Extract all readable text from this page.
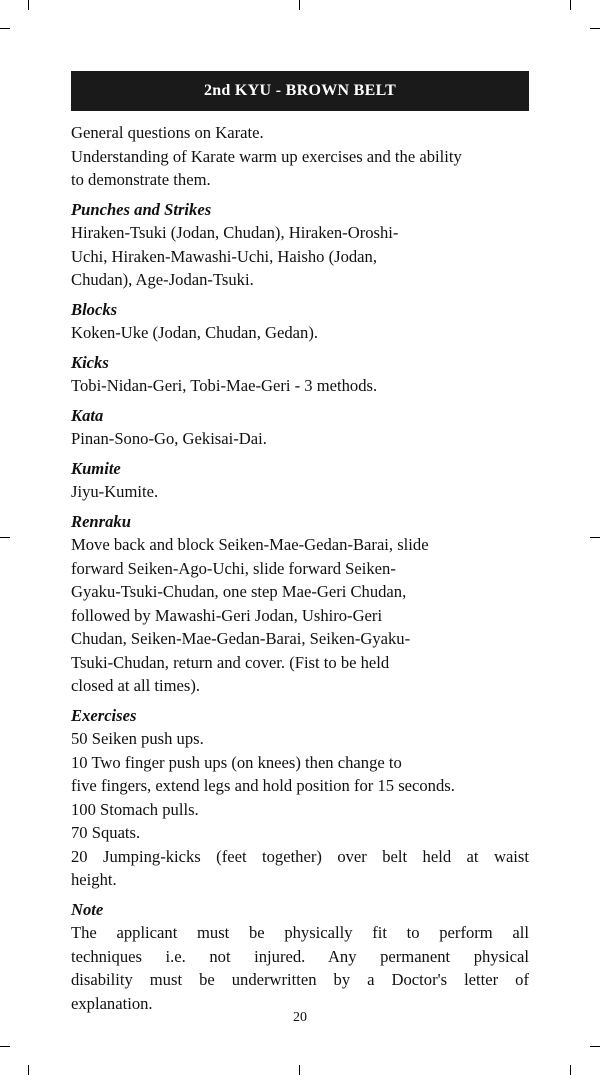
2nd KYU - BROWN BELT
General questions on Karate.
Understanding of Karate warm up exercises and the ability
to demonstrate them.
Punches and Strikes
Hiraken-Tsuki (Jodan, Chudan), Hiraken-Oroshi-
Uchi, Hiraken-Mawashi-Uchi, Haisho (Jodan,
Chudan), Age-Jodan-Tsuki.
Blocks
Koken-Uke (Jodan, Chudan, Gedan).
Kicks
Tobi-Nidan-Geri, Tobi-Mae-Geri - 3 methods.
Kata
Pinan-Sono-Go, Gekisai-Dai.
Kumite
Jiyu-Kumite.
Renraku
Move back and block Seiken-Mae-Gedan-Barai, slide
forward Seiken-Ago-Uchi, slide forward Seiken-
Gyaku-Tsuki-Chudan, one step Mae-Geri Chudan,
followed by Mawashi-Geri Jodan, Ushiro-Geri
Chudan, Seiken-Mae-Gedan-Barai, Seiken-Gyaku-
Tsuki-Chudan, return and cover. (Fist to be held
closed at all times).
Exercises
50 Seiken push ups.
10 Two finger push ups (on knees) then change to
five fingers, extend legs and hold position for 15 seconds.
100 Stomach pulls.
70 Squats.
20 Jumping-kicks (feet together) over belt held at waist
height.
Note
The applicant must be physically fit to perform all
techniques i.e. not injured. Any permanent physical
disability must be underwritten by a Doctor's letter of
explanation.
20
